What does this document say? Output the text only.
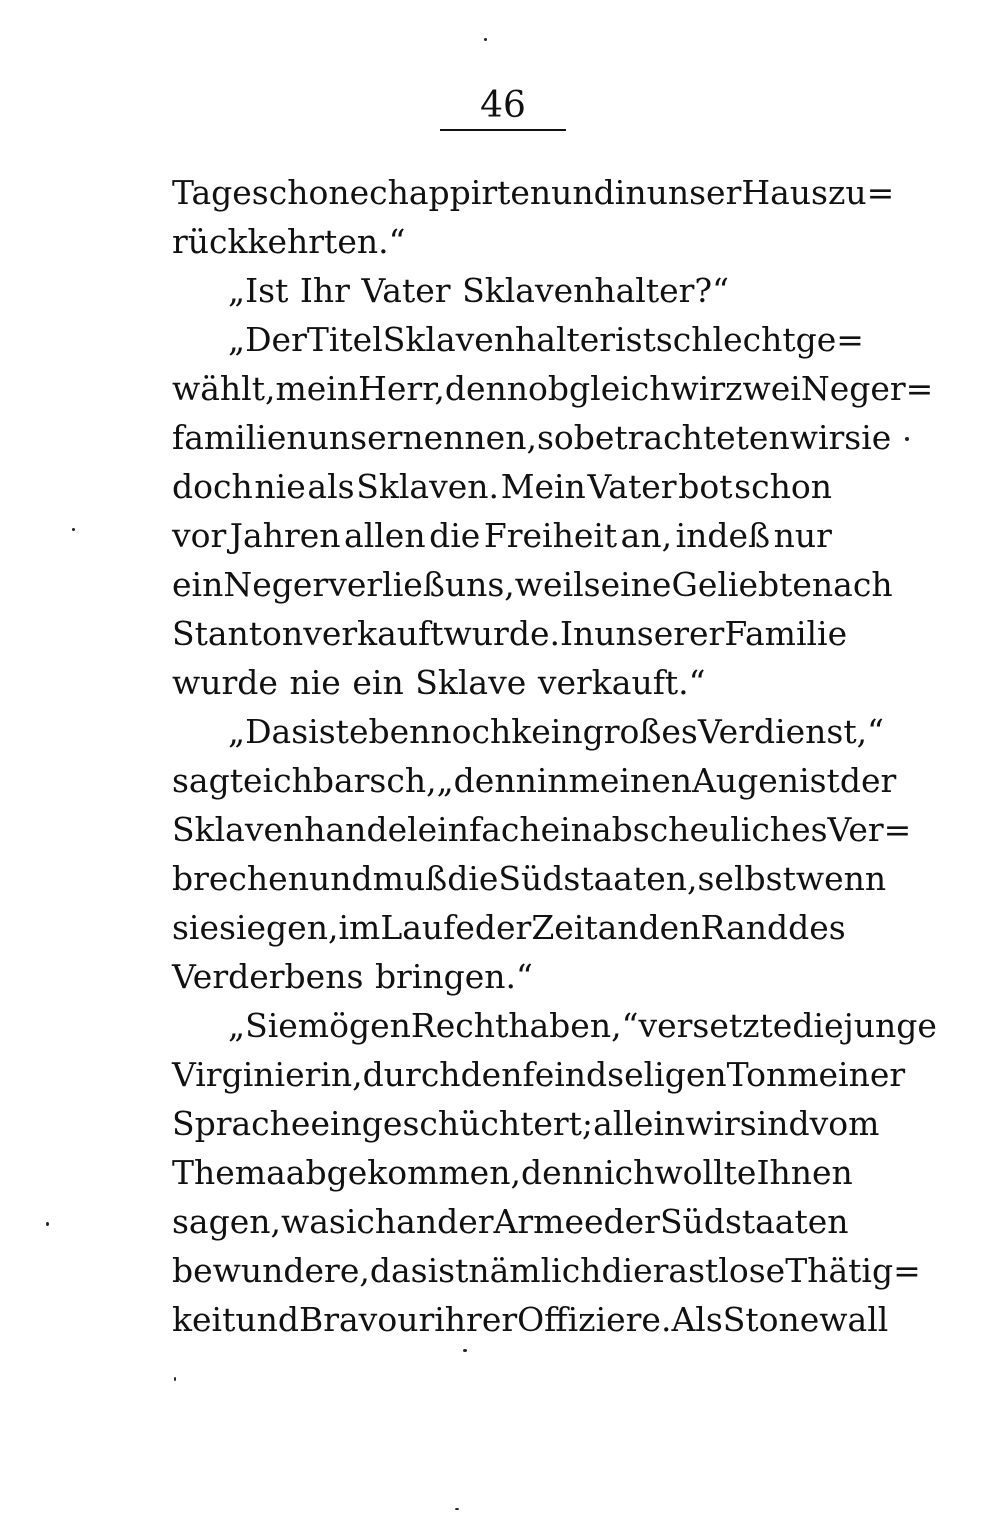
46
Tage schon echappirten und in unser Haus zu=
rückkehrten.“
„Ist Ihr Vater Sklavenhalter?“
„Der Titel Sklavenhalter ist schlecht ge=
wählt, mein Herr, denn obgleich wir zwei Neger=
familien unser nennen, so betrachteten wir sie
doch nie als Sklaven. Mein Vater bot schon
vor Jahren allen die Freiheit an, indeß nur
ein Neger verließ uns, weil seine Geliebte nach
Stanton verkauft wurde. In unserer Familie
wurde nie ein Sklave verkauft.“
„Das ist eben noch kein großes Verdienst,“
sagte ich barsch, „denn in meinen Augen ist der
Sklavenhandel einfach ein abscheuliches Ver=
brechen und muß die Südstaaten, selbst wenn
sie siegen, im Laufe der Zeit an den Rand des
Verderbens bringen.“
„Sie mögen Recht haben,“ versetzte die junge
Virginierin, durch den feindseligen Ton meiner
Sprache eingeschüchtert; allein wir sind vom
Thema abgekommen, denn ich wollte Ihnen
sagen, was ich an der Armee der Südstaaten
bewundere, das ist nämlich die rastlose Thätig=
keit und Bravour ihrer Offiziere. Als Stonewall
